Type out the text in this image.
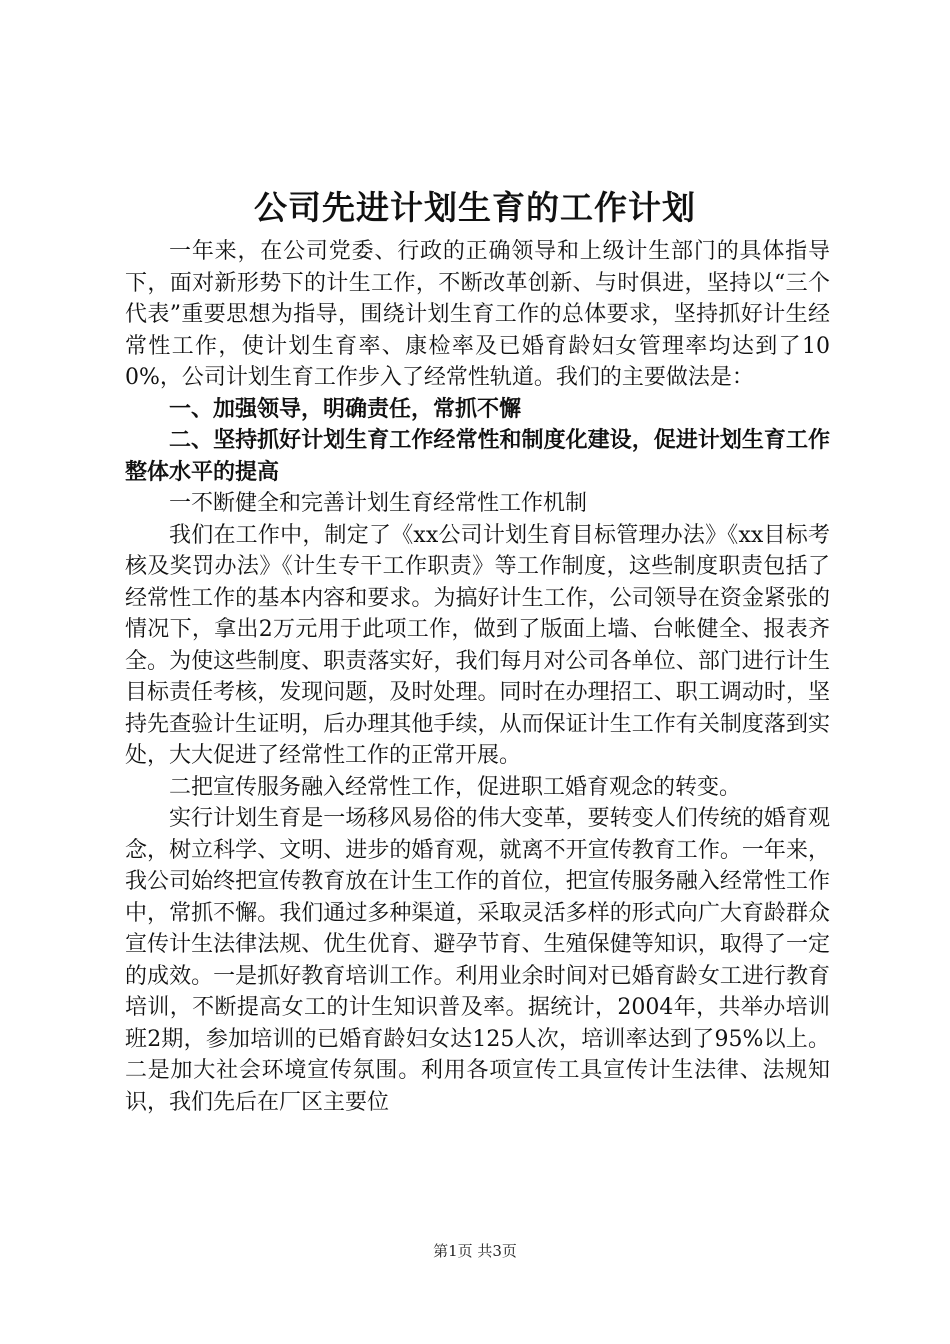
公司先进计划生育的工作计划

一年来，在公司党委、行政的正确领导和上级计生部门的具体指导下，面对新形势下的计生工作，不断改革创新、与时俱进，坚持以“三个代表”重要思想为指导，围绕计划生育工作的总体要求，坚持抓好计生经常性工作，使计划生育率、康检率及已婚育龄妇女管理率均达到了100%，公司计划生育工作步入了经常性轨道。我们的主要做法是：

一、加强领导，明确责任，常抓不懈

二、坚持抓好计划生育工作经常性和制度化建设，促进计划生育工作整体水平的提高

一不断健全和完善计划生育经常性工作机制

我们在工作中，制定了《xx公司计划生育目标管理办法》《xx目标考核及奖罚办法》《计生专干工作职责》等工作制度，这些制度职责包括了经常性工作的基本内容和要求。为搞好计生工作，公司领导在资金紧张的情况下，拿出2万元用于此项工作，做到了版面上墙、台帐健全、报表齐全。为使这些制度、职责落实好，我们每月对公司各单位、部门进行计生目标责任考核，发现问题，及时处理。同时在办理招工、职工调动时，坚持先查验计生证明，后办理其他手续，从而保证计生工作有关制度落到实处，大大促进了经常性工作的正常开展。

二把宣传服务融入经常性工作，促进职工婚育观念的转变。

实行计划生育是一场移风易俗的伟大变革，要转变人们传统的婚育观念，树立科学、文明、进步的婚育观，就离不开宣传教育工作。一年来，我公司始终把宣传教育放在计生工作的首位，把宣传服务融入经常性工作中，常抓不懈。我们通过多种渠道，采取灵活多样的形式向广大育龄群众宣传计生法律法规、优生优育、避孕节育、生殖保健等知识，取得了一定的成效。一是抓好教育培训工作。利用业余时间对已婚育龄女工进行教育培训，不断提高女工的计生知识普及率。据统计，2004年，共举办培训班2期，参加培训的已婚育龄妇女达125人次，培训率达到了95%以上。二是加大社会环境宣传氛围。利用各项宣传工具宣传计生法律、法规知识，我们先后在厂区主要位

第1页 共3页
